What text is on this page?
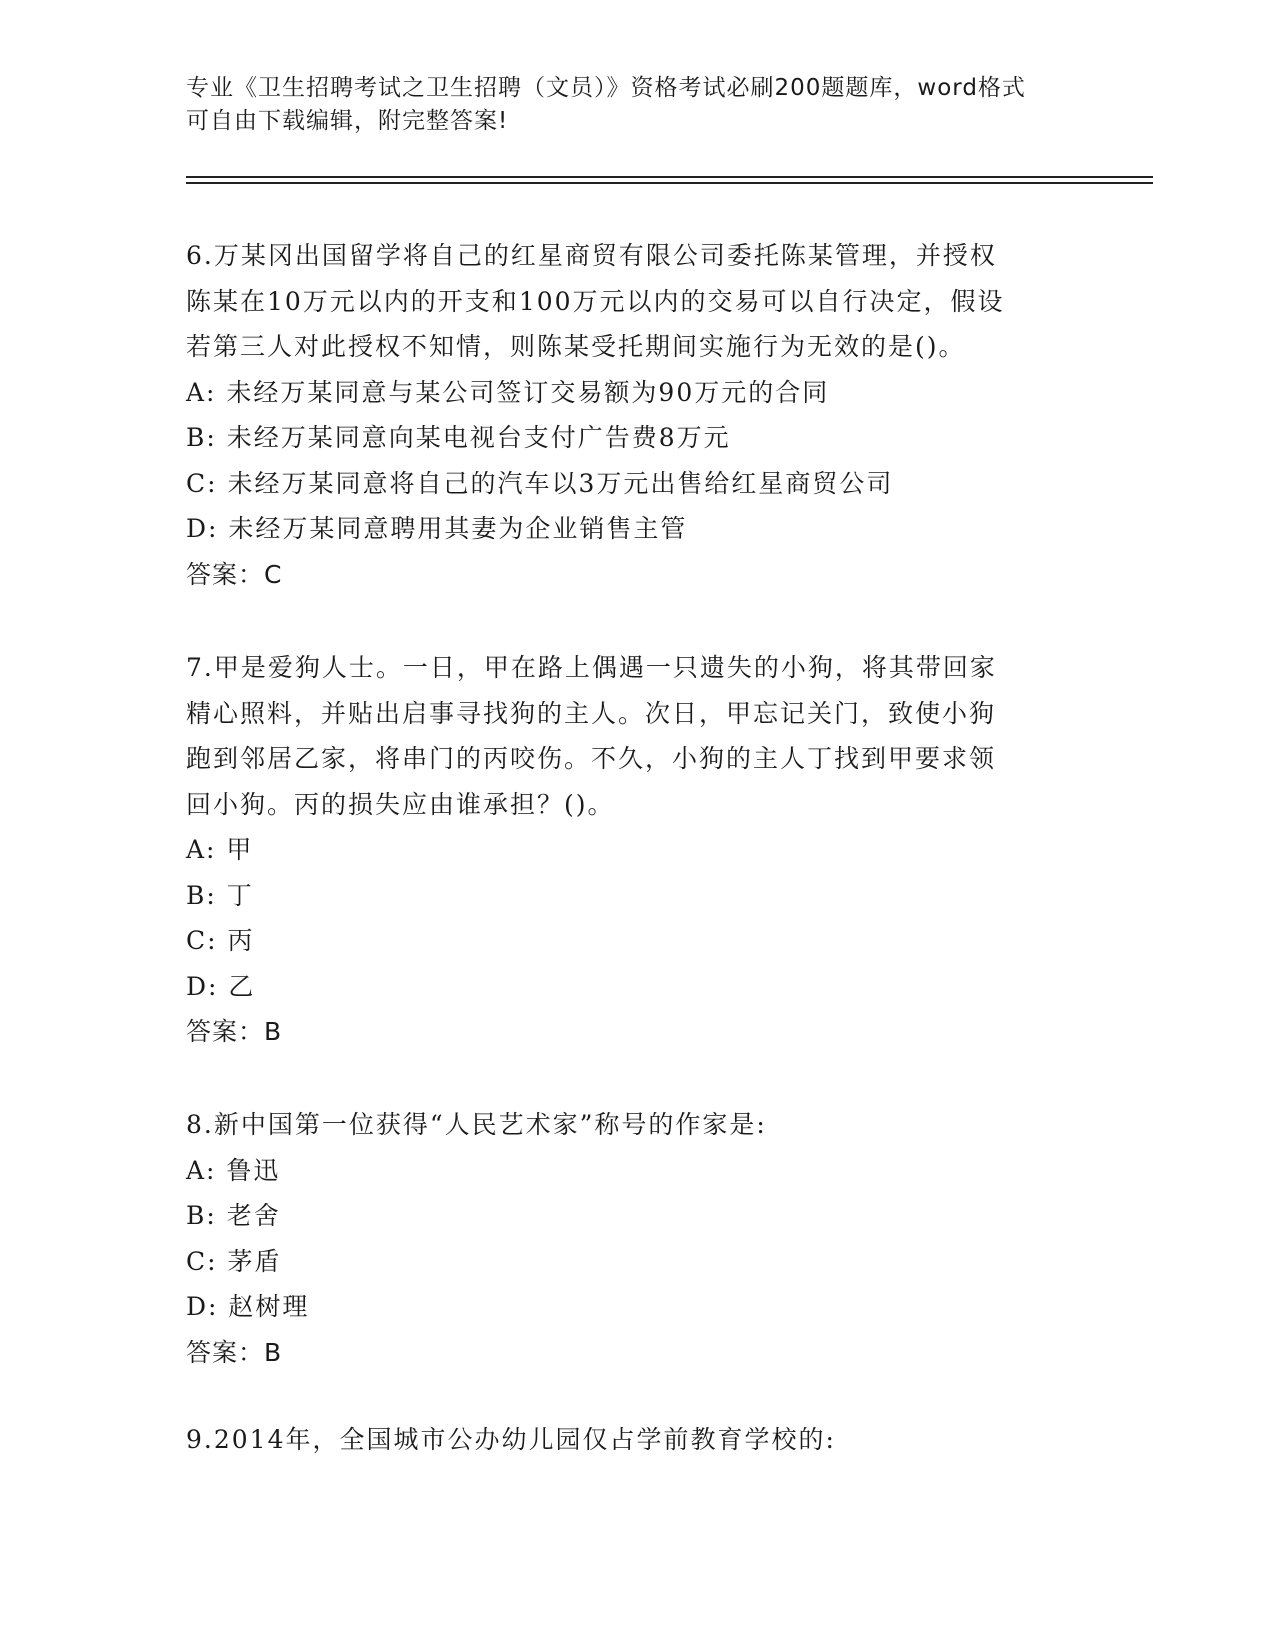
专业《卫生招聘考试之卫生招聘（文员）》资格考试必刷200题题库，word格式
可自由下载编辑，附完整答案!
6.万某冈出国留学将自己的红星商贸有限公司委托陈某管理，并授权
陈某在10万元以内的开支和100万元以内的交易可以自行决定，假设
若第三人对此授权不知情，则陈某受托期间实施行为无效的是()。
A: 未经万某同意与某公司签订交易额为90万元的合同
B: 未经万某同意向某电视台支付广告费8万元
C: 未经万某同意将自己的汽车以3万元出售给红星商贸公司
D: 未经万某同意聘用其妻为企业销售主管
答案：C
7.甲是爱狗人士。一日，甲在路上偶遇一只遗失的小狗，将其带回家
精心照料，并贴出启事寻找狗的主人。次日，甲忘记关门，致使小狗
跑到邻居乙家，将串门的丙咬伤。不久，小狗的主人丁找到甲要求领
回小狗。丙的损失应由谁承担？()。
A: 甲
B: 丁
C: 丙
D: 乙
答案：B
8.新中国第一位获得“人民艺术家”称号的作家是:
A: 鲁迅
B: 老舍
C: 茅盾
D: 赵树理
答案：B
9.2014年，全国城市公办幼儿园仅占学前教育学校的:
